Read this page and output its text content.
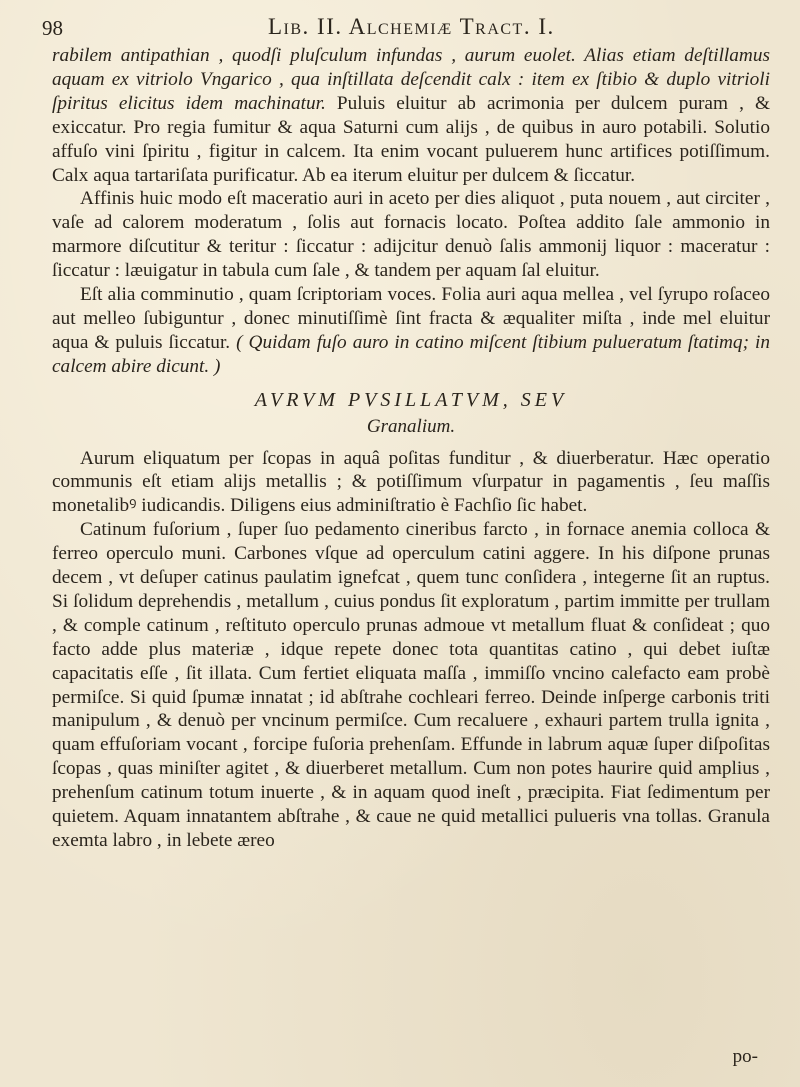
98	Lib. II. Alchemiæ Tract. I.

rabilem antipathian , quodſi pluſculum infundas , aurum euolet. Alias etiam deſtillamus aquam ex vitriolo Vngarico , qua inſtillata deſcendit calx : item ex ſtibio & duplo vitrioli ſpiritus elicitus idem machinatur. Puluis eluitur ab acrimonia per dulcem puram , & exiccatur. Pro regia fumitur & aqua Saturni cum alijs , de quibus in auro potabili. Solutio affuſo vini ſpiritu , figitur in calcem. Ita enim vocant puluerem hunc artifices potiſſimum. Calx aqua tartariſata purificatur. Ab ea iterum eluitur per dulcem & ſiccatur.

Affinis huic modo eſt maceratio auri in aceto per dies aliquot , puta nouem , aut circiter , vaſe ad calorem moderatum , ſolis aut fornacis locato. Poſtea addito ſale ammonio in marmore diſcutitur & teritur : ſiccatur : adijcitur denuò ſalis ammonij liquor : maceratur : ſiccatur : læuigatur in tabula cum ſale , & tandem per aquam ſal eluitur.

Eſt alia comminutio , quam ſcriptoriam voces. Folia auri aqua mellea , vel ſyrupo roſaceo aut melleo ſubiguntur , donec minutiſſimè ſint fracta & æqualiter miſta , inde mel eluitur aqua & puluis ſiccatur. ( Quidam fuſo auro in catino miſcent ſtibium pulueratum ſtatimq; in calcem abire dicunt. )

AVRVM PVSILLATVM, SEV
Granalium.

Aurum eliquatum per ſcopas in aquâ poſitas funditur , & diuerberatur. Hæc operatio communis eſt etiam alijs metallis ; & potiſſimum vſurpatur in pagamentis , ſeu maſſis monetalibꝰ iudicandis. Diligens eius adminiſtratio è Fachſio ſic habet.

Catinum fuſorium , ſuper ſuo pedamento cineribus farcto , in fornace anemia colloca & ferreo operculo muni. Carbones vſque ad operculum catini aggere. In his diſpone prunas decem , vt deſuper catinus paulatim ignefcat , quem tunc conſidera , integerne ſit an ruptus. Si ſolidum deprehendis , metallum , cuius pondus ſit exploratum , partim immitte per trullam , & comple catinum , reſtituto operculo prunas admoue vt metallum fluat & conſideat ; quo facto adde plus materiæ , idque repete donec tota quantitas catino , qui debet iuſtæ capacitatis eſſe , ſit illata. Cum fertiet eliquata maſſa , immiſſo vncino calefacto eam probè permiſce. Si quid ſpumæ innatat ; id abſtrahe cochleari ferreo. Deinde inſperge carbonis triti manipulum , & denuò per vncinum permiſce. Cum recaluere , exhauri partem trulla ignita , quam effuſoriam vocant , forcipe fuſoria prehenſam. Effunde in labrum aquæ ſuper diſpoſitas ſcopas , quas miniſter agitet , & diuerberet metallum. Cum non potes haurire quid amplius , prehenſum catinum totum inuerte , & in aquam quod ineſt , præcipita. Fiat ſedimentum per quietem. Aquam innatantem abſtrahe , & caue ne quid metallici pulueris vna tollas. Granula exemta labro , in lebete æreo

po-
